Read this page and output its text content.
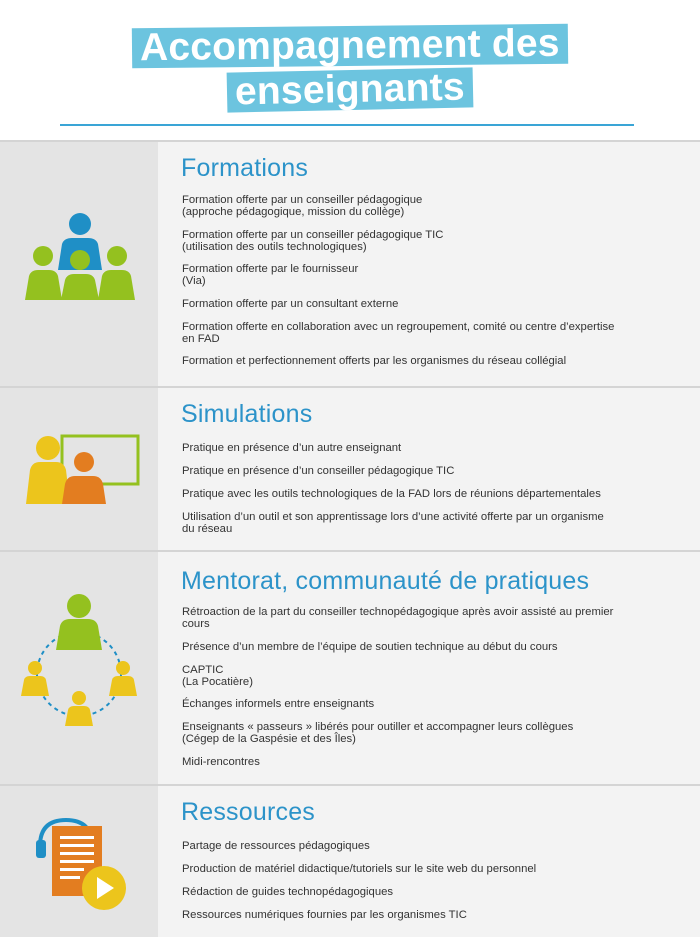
Accompagnement des
enseignants
Formations
Formation offerte par un conseiller pédagogique
(approche pédagogique, mission du collège)
Formation offerte par un conseiller pédagogique TIC
(utilisation des outils technologiques)
Formation offerte par le fournisseur
(Via)
Formation offerte par un consultant externe
Formation offerte en collaboration avec un regroupement, comité ou centre d’expertise en FAD
Formation et perfectionnement offerts par les organismes du réseau collégial
Simulations
Pratique en présence d’un autre enseignant
Pratique en présence d’un conseiller pédagogique TIC
Pratique avec les outils technologiques de la FAD lors de réunions départementales
Utilisation d’un outil et son apprentissage lors d’une activité offerte par un organisme du réseau
Mentorat, communauté de pratiques
Rétroaction de la part du conseiller technopédagogique après avoir assisté au premier cours
Présence d’un membre de l’équipe de soutien technique au début du cours
CAPTIC
(La Pocatière)
Échanges informels entre enseignants
Enseignants « passeurs » libérés pour outiller et accompagner leurs collègues
(Cégep de la Gaspésie et des Îles)
Midi-rencontres
Ressources
Partage de ressources pédagogiques
Production de matériel didactique/tutoriels sur le site web du personnel
Rédaction de guides technopédagogiques
Ressources numériques fournies par les organismes TIC
